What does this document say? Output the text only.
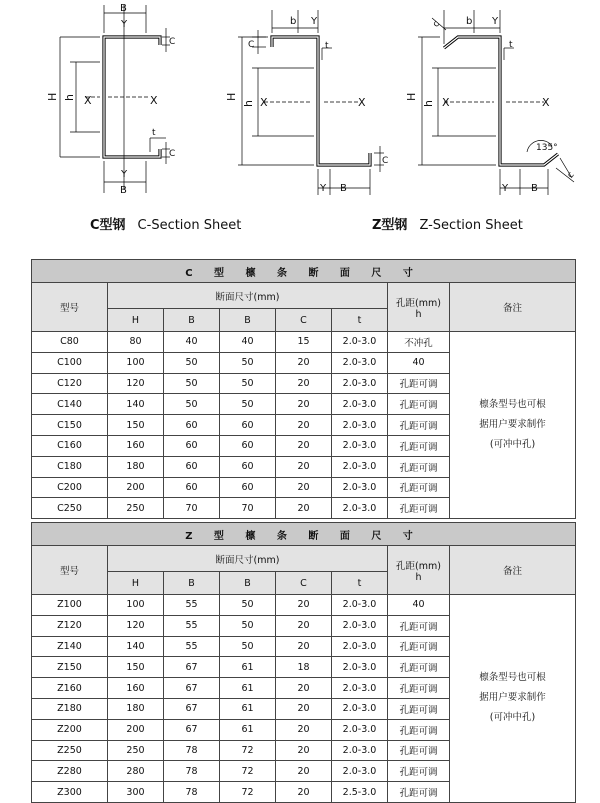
B
Y
Y
B
C
C
H h X	X
t
b Y
C	t
H
h X	X
C
Y B
c b Y
t
H
h X	X
135°
c
Y B
C型钢 C-Section Sheet	Z型钢 Z-Section Sheet
C 型 檩 条 断 面 尺 寸							
型号	断面尺寸(mm)					孔距(mm)
h	备注
	H	B	B	C	t		
C80	80	40	40	15	2.0-3.0	不冲孔	檩条型号也可根
据用户要求制作
(可冲中孔)
C100	100	50	50	20	2.0-3.0	40	
C120	120	50	50	20	2.0-3.0	孔距可调	
C140	140	50	50	20	2.0-3.0	孔距可调	
C150	150	60	60	20	2.0-3.0	孔距可调	
C160	160	60	60	20	2.0-3.0	孔距可调	
C180	180	60	60	20	2.0-3.0	孔距可调	
C200	200	60	60	20	2.0-3.0	孔距可调	
C250	250	70	70	20	2.0-3.0	孔距可调	
Z 型 檩 条 断 面 尺 寸							
型号	断面尺寸(mm)					孔距(mm)
h	备注
	H	B	B	C	t		
Z100	100	55	50	20	2.0-3.0	40	檩条型号也可根
据用户要求制作
(可冲中孔)
Z120	120	55	50	20	2.0-3.0	孔距可调	
Z140	140	55	50	20	2.0-3.0	孔距可调	
Z150	150	67	61	18	2.0-3.0	孔距可调	
Z160	160	67	61	20	2.0-3.0	孔距可调	
Z180	180	67	61	20	2.0-3.0	孔距可调	
Z200	200	67	61	20	2.0-3.0	孔距可调	
Z250	250	78	72	20	2.0-3.0	孔距可调	
Z280	280	78	72	20	2.0-3.0	孔距可调	
Z300	300	78	72	20	2.5-3.0	孔距可调	
